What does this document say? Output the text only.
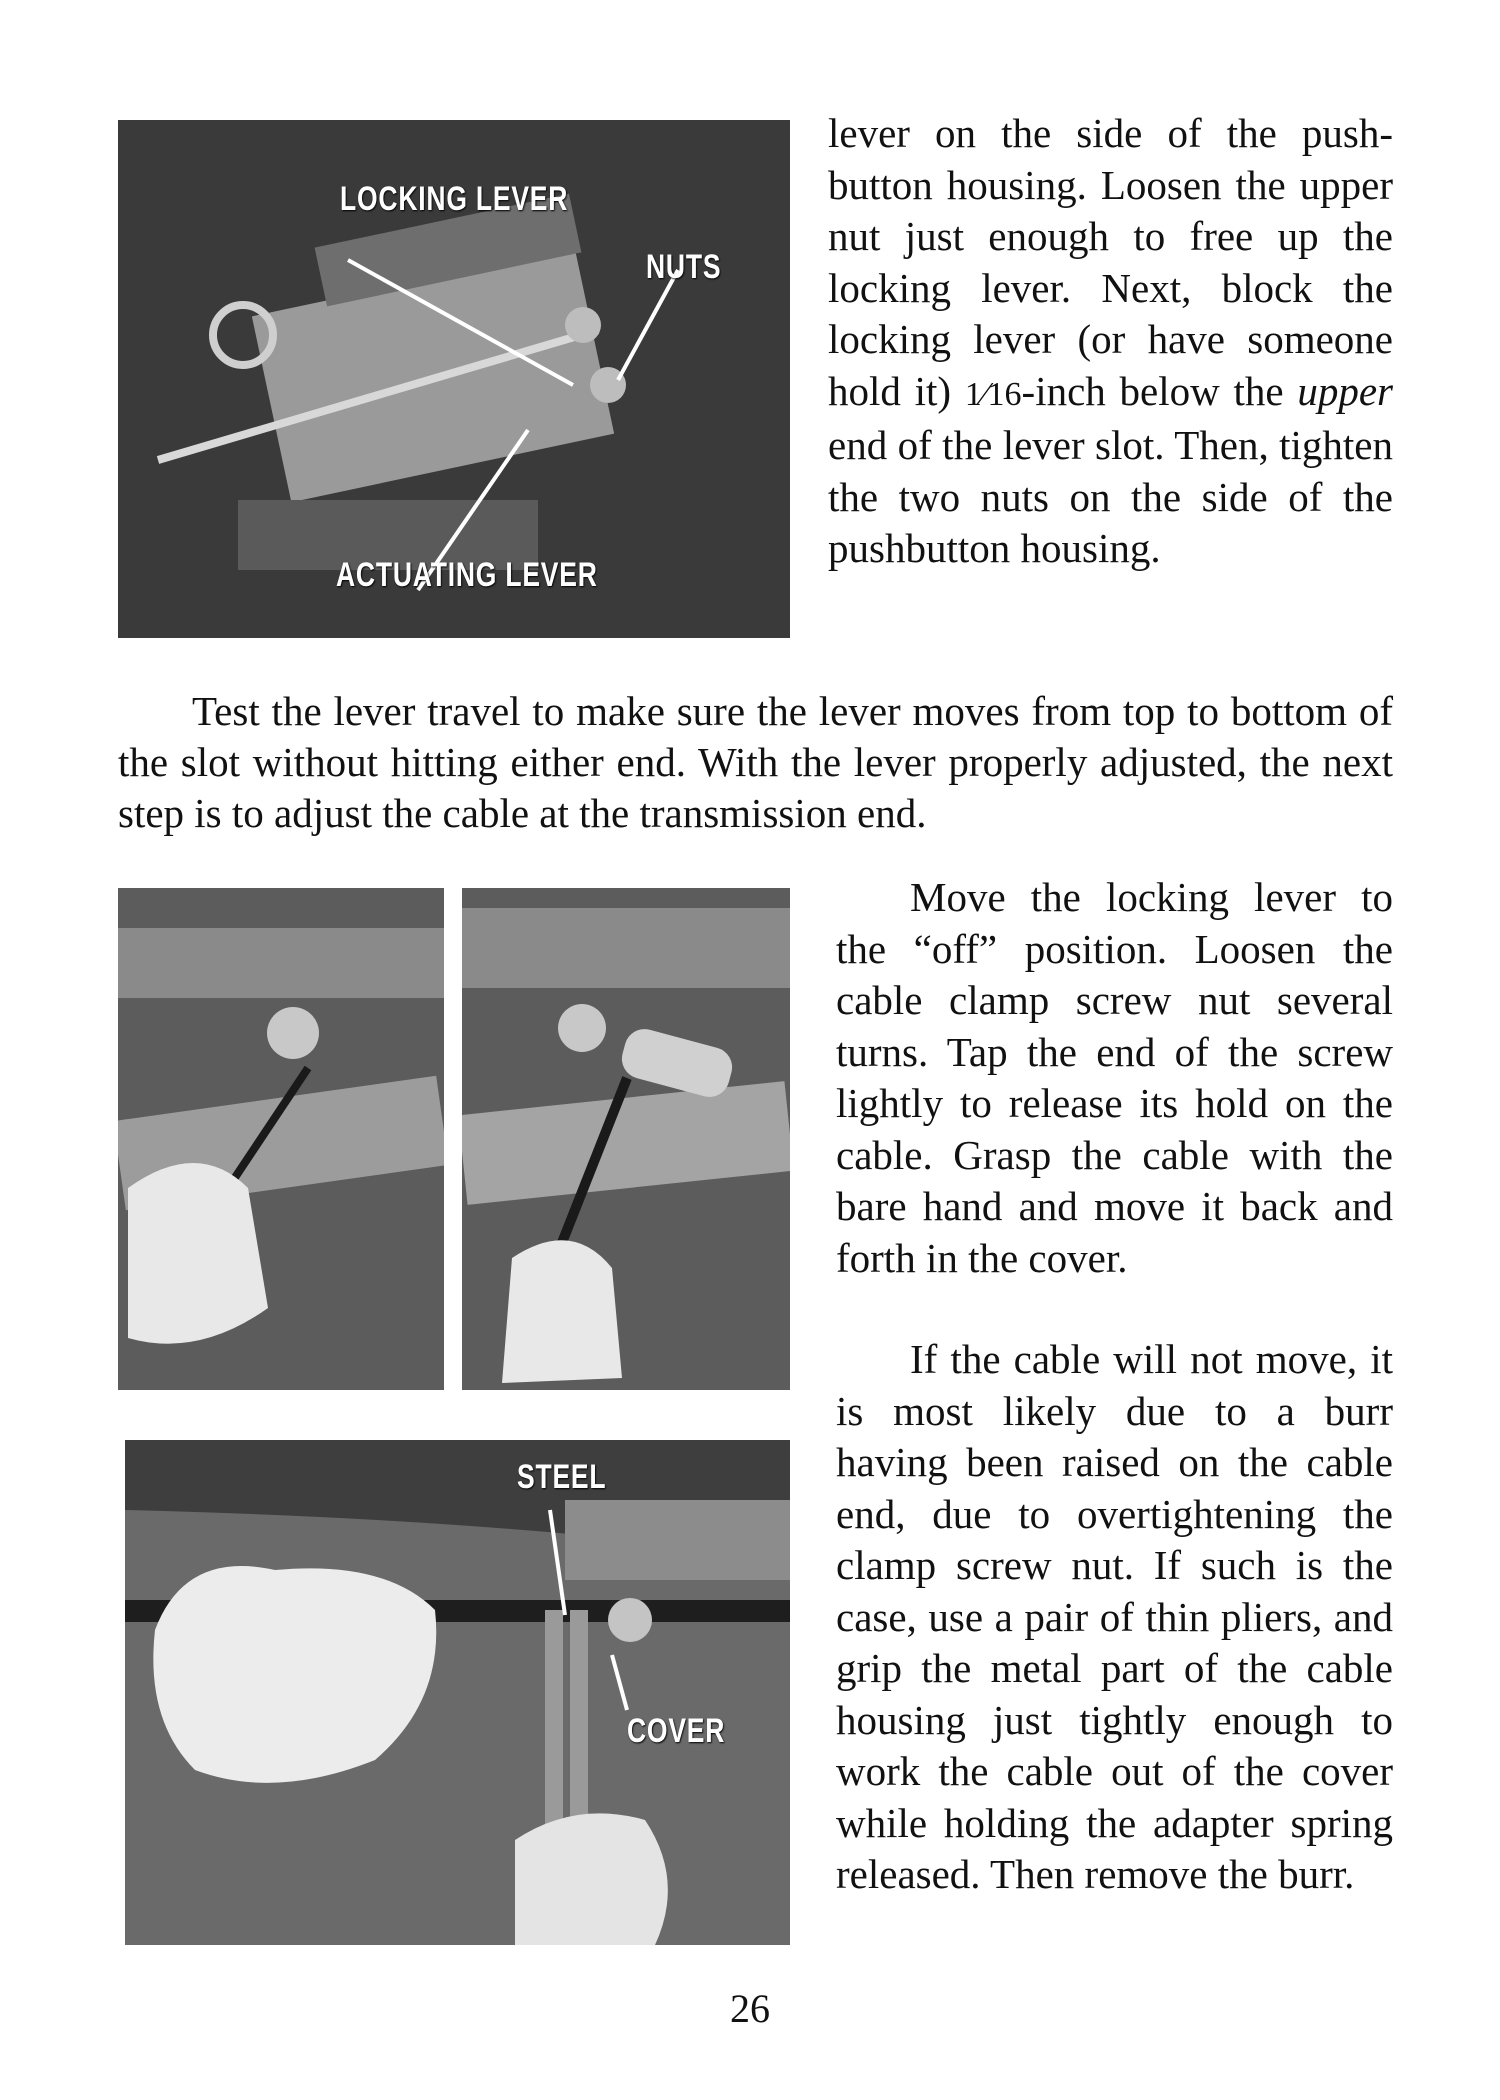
LOCKING LEVER
NUTS
ACTUATING LEVER

lever on the side of the push-button housing. Loosen the upper nut just enough to free up the locking lever. Next, block the locking lever (or have someone hold it) 1⁄16-inch below the upper end of the lever slot. Then, tighten the two nuts on the side of the pushbutton housing.

Test the lever travel to make sure the lever moves from top to bottom of the slot without hitting either end. With the lever properly adjusted, the next step is to adjust the cable at the transmission end.

Move the locking lever to the “off” position. Loosen the cable clamp screw nut several turns. Tap the end of the screw lightly to release its hold on the cable. Grasp the cable with the bare hand and move it back and forth in the cover.

STEEL
COVER

If the cable will not move, it is most likely due to a burr having been raised on the cable end, due to overtightening the clamp screw nut. If such is the case, use a pair of thin pliers, and grip the metal part of the cable housing just tightly enough to work the cable out of the cover while holding the adapter spring released. Then remove the burr.

26
